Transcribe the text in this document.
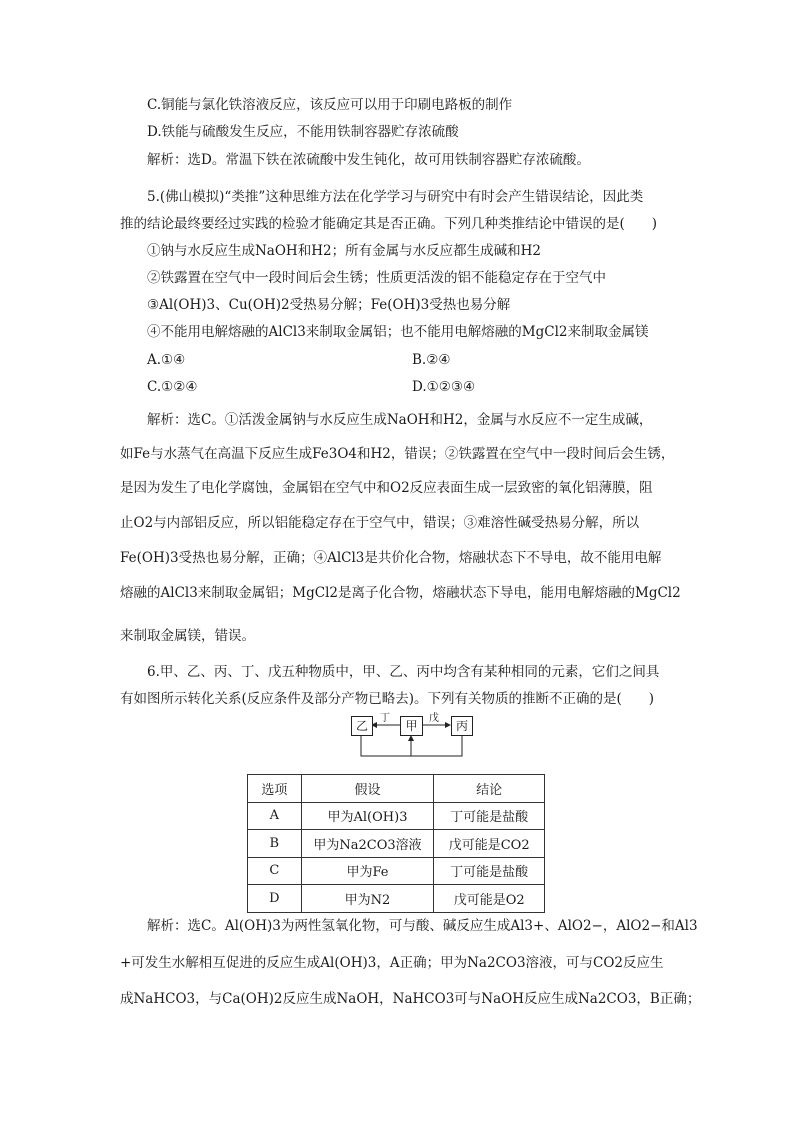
C.铜能与氯化铁溶液反应，该反应可以用于印刷电路板的制作
D.铁能与硫酸发生反应，不能用铁制容器贮存浓硫酸
解析：选D。常温下铁在浓硫酸中发生钝化，故可用铁制容器贮存浓硫酸。
5.(佛山模拟)“类推”这种思维方法在化学学习与研究中有时会产生错误结论，因此类
推的结论最终要经过实践的检验才能确定其是否正确。下列几种类推结论中错误的是(　　)
①钠与水反应生成NaOH和H2；所有金属与水反应都生成碱和H2
②铁露置在空气中一段时间后会生锈；性质更活泼的铝不能稳定存在于空气中
③Al(OH)3、Cu(OH)2受热易分解；Fe(OH)3受热也易分解
④不能用电解熔融的AlCl3来制取金属铝；也不能用电解熔融的MgCl2来制取金属镁
A.①④	B.②④
C.①②④	D.①②③④
解析：选C。①活泼金属钠与水反应生成NaOH和H2，金属与水反应不一定生成碱，
如Fe与水蒸气在高温下反应生成Fe3O4和H2，错误；②铁露置在空气中一段时间后会生锈，
是因为发生了电化学腐蚀，金属铝在空气中和O2反应表面生成一层致密的氧化铝薄膜，阻
止O2与内部铝反应，所以铝能稳定存在于空气中，错误；③难溶性碱受热易分解，所以
Fe(OH)3受热也易分解，正确；④AlCl3是共价化合物，熔融状态下不导电，故不能用电解
熔融的AlCl3来制取金属铝；MgCl2是离子化合物，熔融状态下导电，能用电解熔融的MgCl2
来制取金属镁，错误。
6.甲、乙、丙、丁、戊五种物质中，甲、乙、丙中均含有某种相同的元素，它们之间具
有如图所示转化关系(反应条件及部分产物已略去)。下列有关物质的推断不正确的是(　　)
乙	甲	丙
丁	戊
选项	假设	结论
A	甲为Al(OH)3	丁可能是盐酸
B	甲为Na2CO3溶液	戊可能是CO2
C	甲为Fe	丁可能是盐酸
D	甲为N2	戊可能是O2
解析：选C。Al(OH)3为两性氢氧化物，可与酸、碱反应生成Al3+、AlO2−，AlO2−和Al3
+可发生水解相互促进的反应生成Al(OH)3，A正确；甲为Na2CO3溶液，可与CO2反应生
成NaHCO3，与Ca(OH)2反应生成NaOH，NaHCO3可与NaOH反应生成Na2CO3，B正确；
